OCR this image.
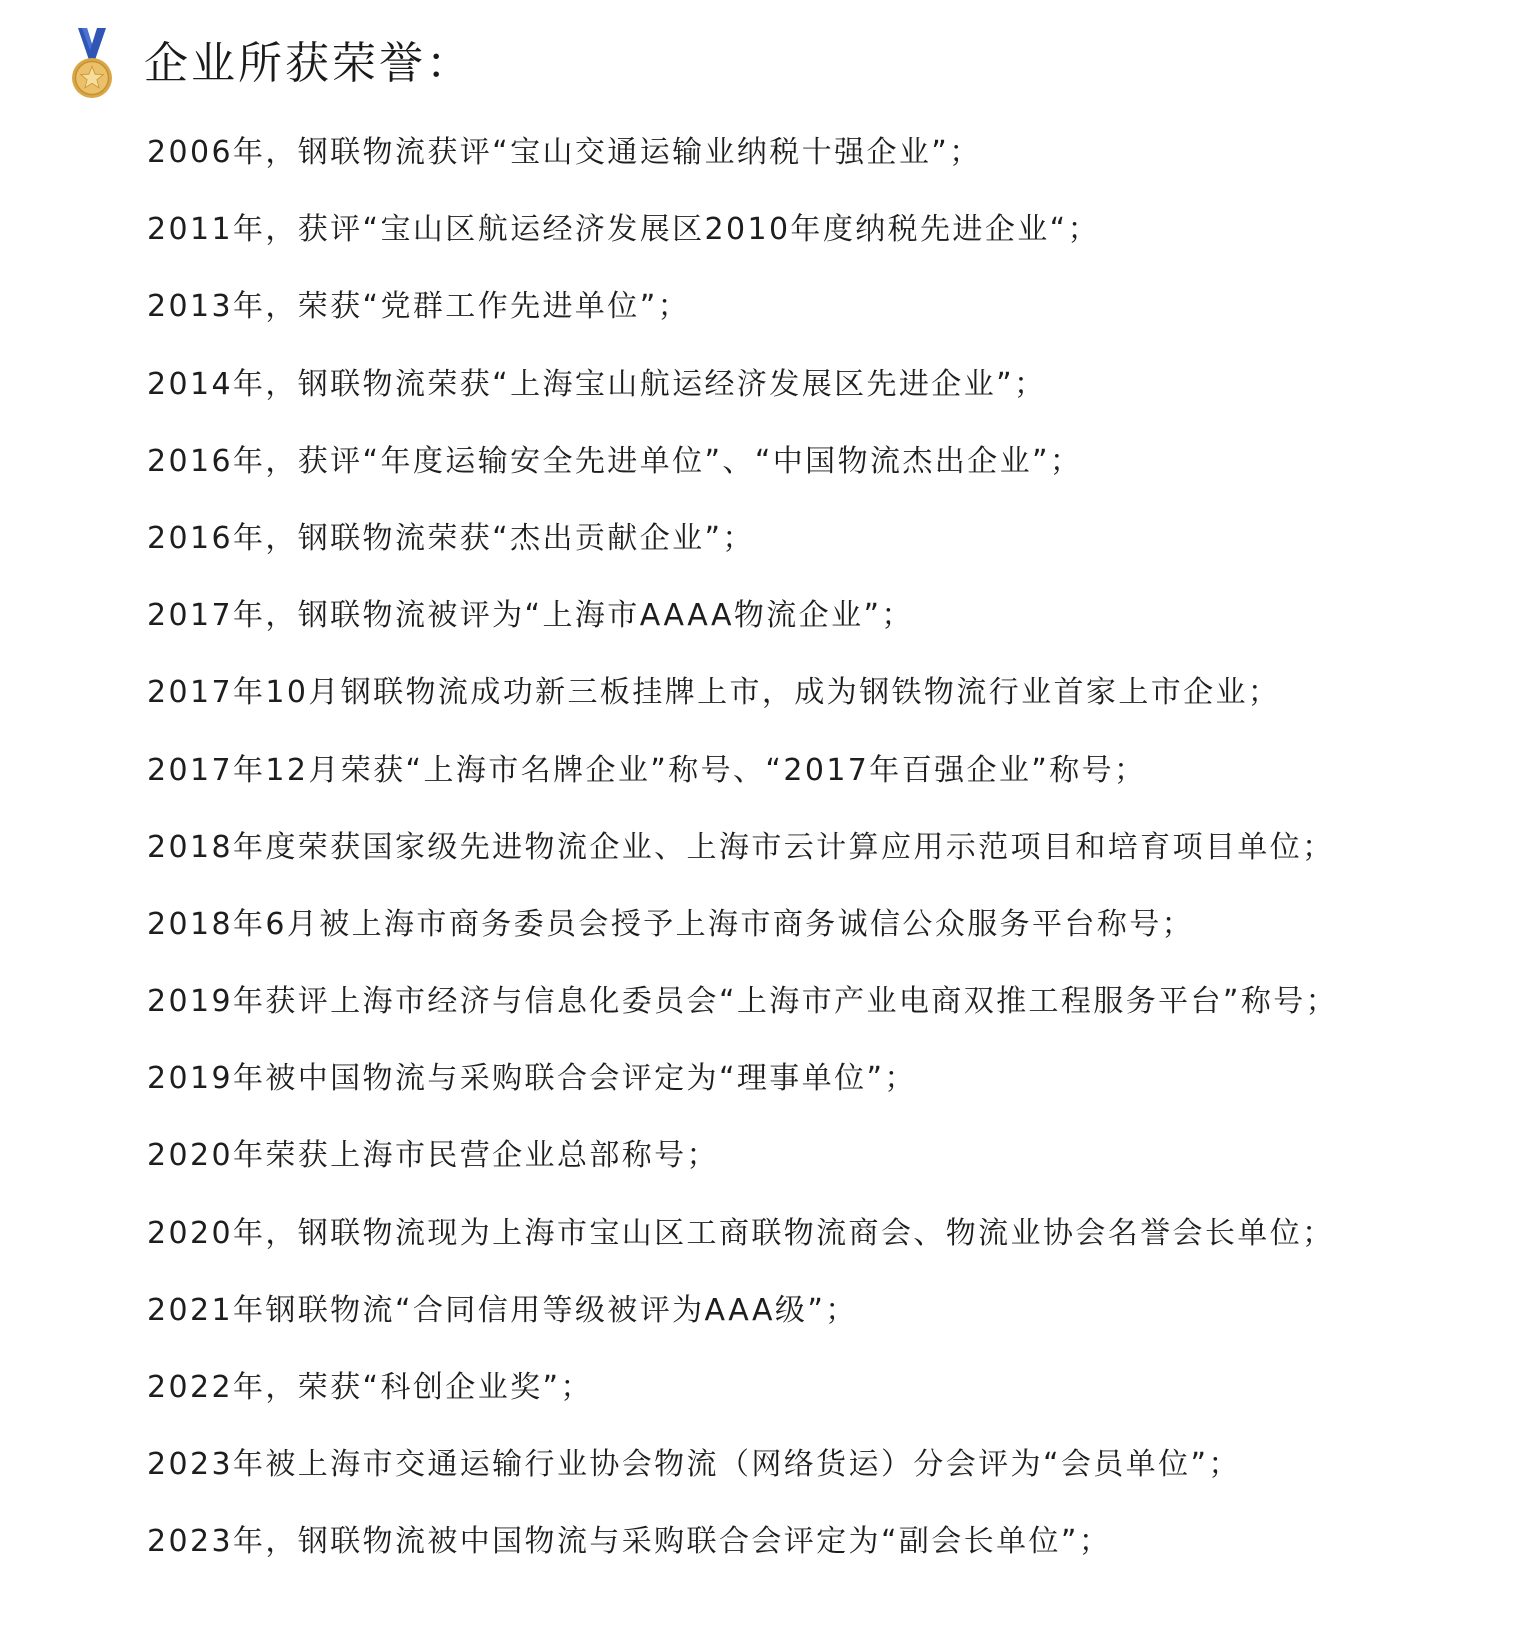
企业所获荣誉：
2006年，钢联物流获评“宝山交通运输业纳税十强企业”；
2011年，获评“宝山区航运经济发展区2010年度纳税先进企业“；
2013年，荣获“党群工作先进单位”；
2014年，钢联物流荣获“上海宝山航运经济发展区先进企业”；
2016年，获评“年度运输安全先进单位”、“中国物流杰出企业”；
2016年，钢联物流荣获“杰出贡献企业”；
2017年，钢联物流被评为“上海市AAAA物流企业”；
2017年10月钢联物流成功新三板挂牌上市，成为钢铁物流行业首家上市企业；
2017年12月荣获“上海市名牌企业”称号、“2017年百强企业”称号；
2018年度荣获国家级先进物流企业、上海市云计算应用示范项目和培育项目单位；
2018年6月被上海市商务委员会授予上海市商务诚信公众服务平台称号；
2019年获评上海市经济与信息化委员会“上海市产业电商双推工程服务平台”称号；
2019年被中国物流与采购联合会评定为“理事单位”；
2020年荣获上海市民营企业总部称号；
2020年，钢联物流现为上海市宝山区工商联物流商会、物流业协会名誉会长单位；
2021年钢联物流“合同信用等级被评为AAA级”；
2022年，荣获“科创企业奖”；
2023年被上海市交通运输行业协会物流（网络货运）分会评为“会员单位”；
2023年，钢联物流被中国物流与采购联合会评定为“副会长单位”；
